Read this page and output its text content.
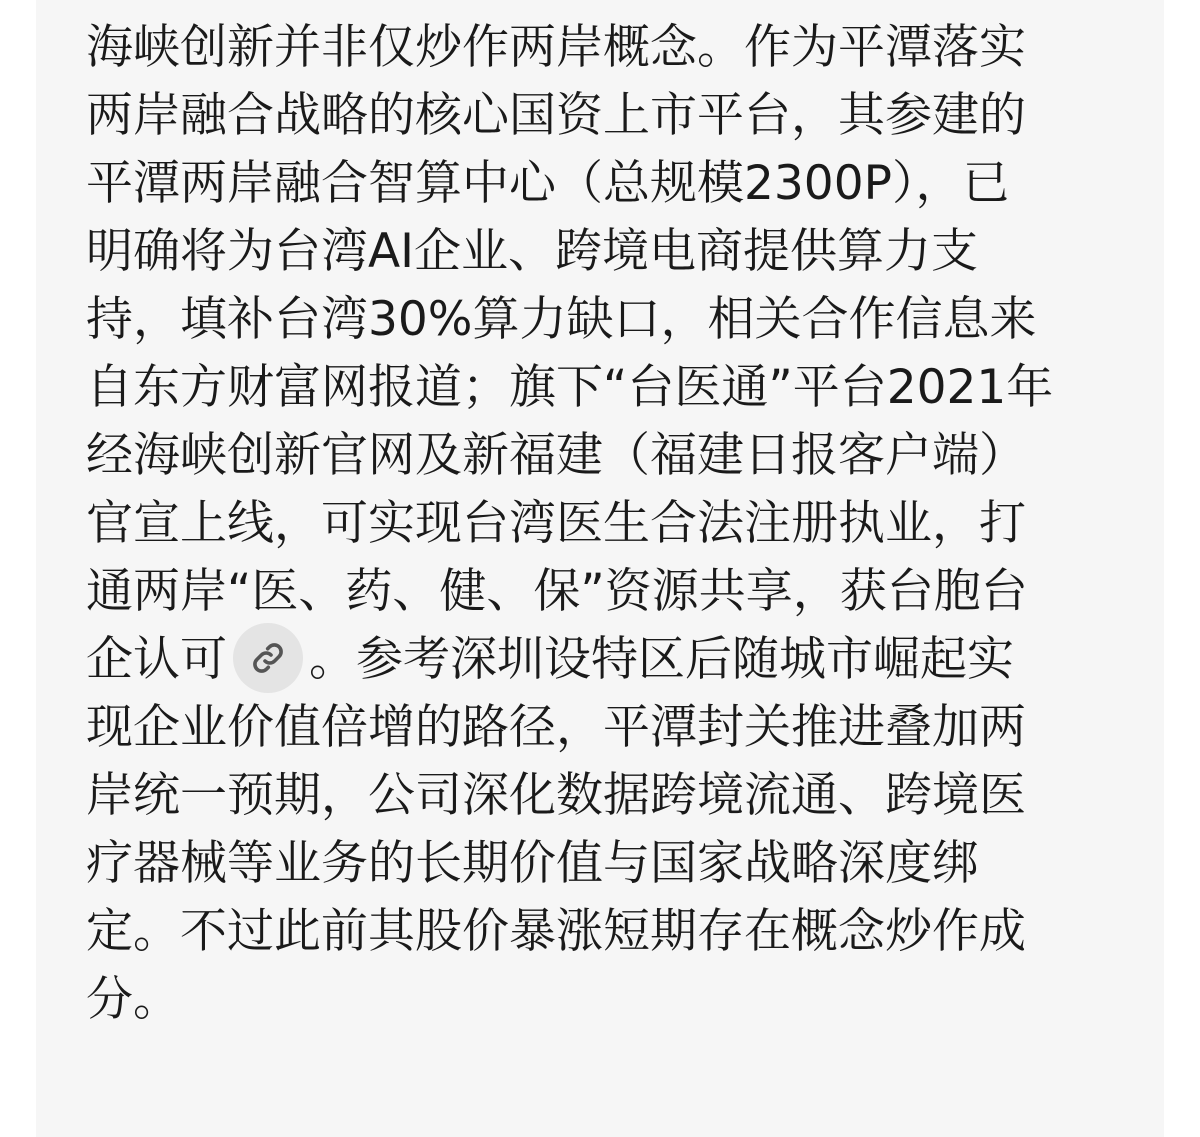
海峡创新并非仅炒作两岸概念。作为平潭落实
两岸融合战略的核心国资上市平台，其参建的
平潭两岸融合智算中心（总规模2300P），已
明确将为台湾AI企业、跨境电商提供算力支
持，填补台湾30%算力缺口，相关合作信息来
自东方财富网报道；旗下“台医通”平台2021年
经海峡创新官网及新福建（福建日报客户端）
官宣上线，可实现台湾医生合法注册执业，打
通两岸“医、药、健、保”资源共享，获台胞台
企认可 。参考深圳设特区后随城市崛起实
现企业价值倍增的路径，平潭封关推进叠加两
岸统一预期，公司深化数据跨境流通、跨境医
疗器械等业务的长期价值与国家战略深度绑
定。不过此前其股价暴涨短期存在概念炒作成
分。
